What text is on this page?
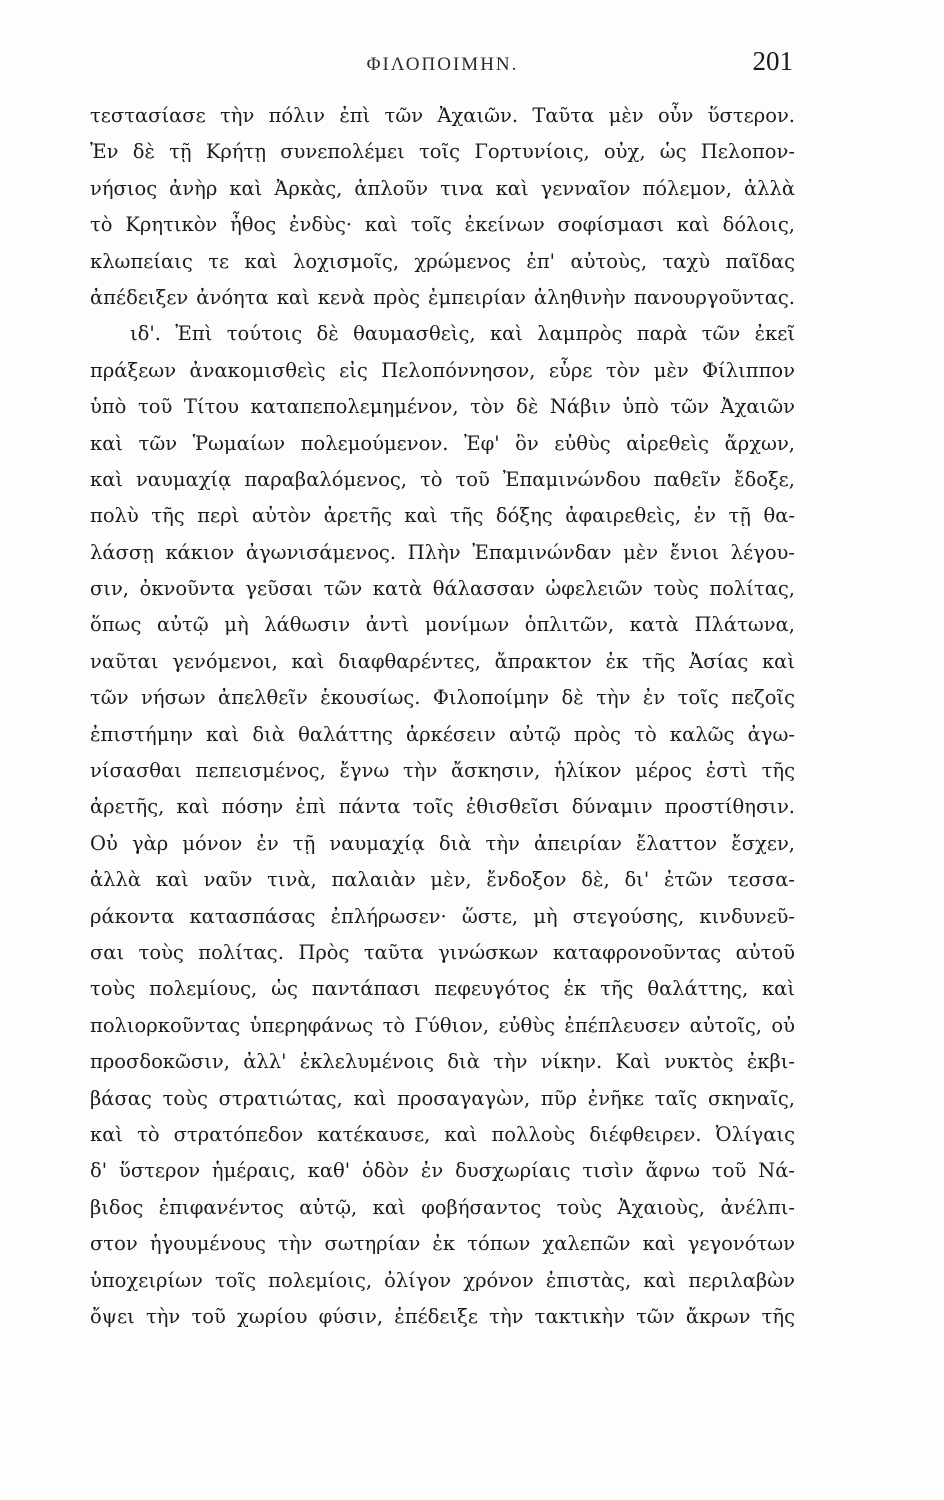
ΦΙΛΟΠΟΙΜΗΝ.	201
τεστασίασε τὴν πόλιν ἐπὶ τῶν Ἀχαιῶν. Ταῦτα μὲν οὖν ὕστερον.
Ἐν δὲ τῇ Κρήτῃ συνεπολέμει τοῖς Γορτυνίοις, οὐχ, ὡς Πελοπον-
νήσιος ἀνὴρ καὶ Ἀρκὰς, ἁπλοῦν τινα καὶ γενναῖον πόλεμον, ἀλλὰ
τὸ Κρητικὸν ἦθος ἐνδὺς· καὶ τοῖς ἐκείνων σοφίσμασι καὶ δόλοις,
κλωπείαις τε καὶ λοχισμοῖς, χρώμενος ἐπ' αὐτοὺς, ταχὺ παῖδας
ἀπέδειξεν ἀνόητα καὶ κενὰ πρὸς ἐμπειρίαν ἀληθινὴν πανουργοῦντας.
ιδ'. Ἐπὶ τούτοις δὲ θαυμασθεὶς, καὶ λαμπρὸς παρὰ τῶν ἐκεῖ
πράξεων ἀνακομισθεὶς εἰς Πελοπόννησον, εὗρε τὸν μὲν Φίλιππον
ὑπὸ τοῦ Τίτου καταπεπολεμημένον, τὸν δὲ Νάβιν ὑπὸ τῶν Ἀχαιῶν
καὶ τῶν Ῥωμαίων πολεμούμενον. Ἐφ' ὃν εὐθὺς αἱρεθεὶς ἄρχων,
καὶ ναυμαχίᾳ παραβαλόμενος, τὸ τοῦ Ἐπαμινώνδου παθεῖν ἔδοξε,
πολὺ τῆς περὶ αὐτὸν ἀρετῆς καὶ τῆς δόξης ἀφαιρεθεὶς, ἐν τῇ θα-
λάσσῃ κάκιον ἀγωνισάμενος. Πλὴν Ἐπαμινώνδαν μὲν ἔνιοι λέγου-
σιν, ὀκνοῦντα γεῦσαι τῶν κατὰ θάλασσαν ὠφελειῶν τοὺς πολίτας,
ὅπως αὐτῷ μὴ λάθωσιν ἀντὶ μονίμων ὁπλιτῶν, κατὰ Πλάτωνα,
ναῦται γενόμενοι, καὶ διαφθαρέντες, ἄπρακτον ἐκ τῆς Ἀσίας καὶ
τῶν νήσων ἀπελθεῖν ἑκουσίως. Φιλοποίμην δὲ τὴν ἐν τοῖς πεζοῖς
ἐπιστήμην καὶ διὰ θαλάττης ἀρκέσειν αὐτῷ πρὸς τὸ καλῶς ἀγω-
νίσασθαι πεπεισμένος, ἔγνω τὴν ἄσκησιν, ἡλίκον μέρος ἐστὶ τῆς
ἀρετῆς, καὶ πόσην ἐπὶ πάντα τοῖς ἐθισθεῖσι δύναμιν προστίθησιν.
Οὐ γὰρ μόνον ἐν τῇ ναυμαχίᾳ διὰ τὴν ἀπειρίαν ἔλαττον ἔσχεν,
ἀλλὰ καὶ ναῦν τινὰ, παλαιὰν μὲν, ἔνδοξον δὲ, δι' ἐτῶν τεσσα-
ράκοντα κατασπάσας ἐπλήρωσεν· ὥστε, μὴ στεγούσης, κινδυνεῦ-
σαι τοὺς πολίτας. Πρὸς ταῦτα γινώσκων καταφρονοῦντας αὐτοῦ
τοὺς πολεμίους, ὡς παντάπασι πεφευγότος ἐκ τῆς θαλάττης, καὶ
πολιορκοῦντας ὑπερηφάνως τὸ Γύθιον, εὐθὺς ἐπέπλευσεν αὐτοῖς, οὐ
προσδοκῶσιν, ἀλλ' ἐκλελυμένοις διὰ τὴν νίκην. Καὶ νυκτὸς ἐκβι-
βάσας τοὺς στρατιώτας, καὶ προσαγαγὼν, πῦρ ἐνῆκε ταῖς σκηναῖς,
καὶ τὸ στρατόπεδον κατέκαυσε, καὶ πολλοὺς διέφθειρεν. Ὀλίγαις
δ' ὕστερον ἡμέραις, καθ' ὁδὸν ἐν δυσχωρίαις τισὶν ἄφνω τοῦ Νά-
βιδος ἐπιφανέντος αὐτῷ, καὶ φοβήσαντος τοὺς Ἀχαιοὺς, ἀνέλπι-
στον ἡγουμένους τὴν σωτηρίαν ἐκ τόπων χαλεπῶν καὶ γεγονότων
ὑποχειρίων τοῖς πολεμίοις, ὀλίγον χρόνον ἐπιστὰς, καὶ περιλαβὼν
ὄψει τὴν τοῦ χωρίου φύσιν, ἐπέδειξε τὴν τακτικὴν τῶν ἄκρων τῆς
